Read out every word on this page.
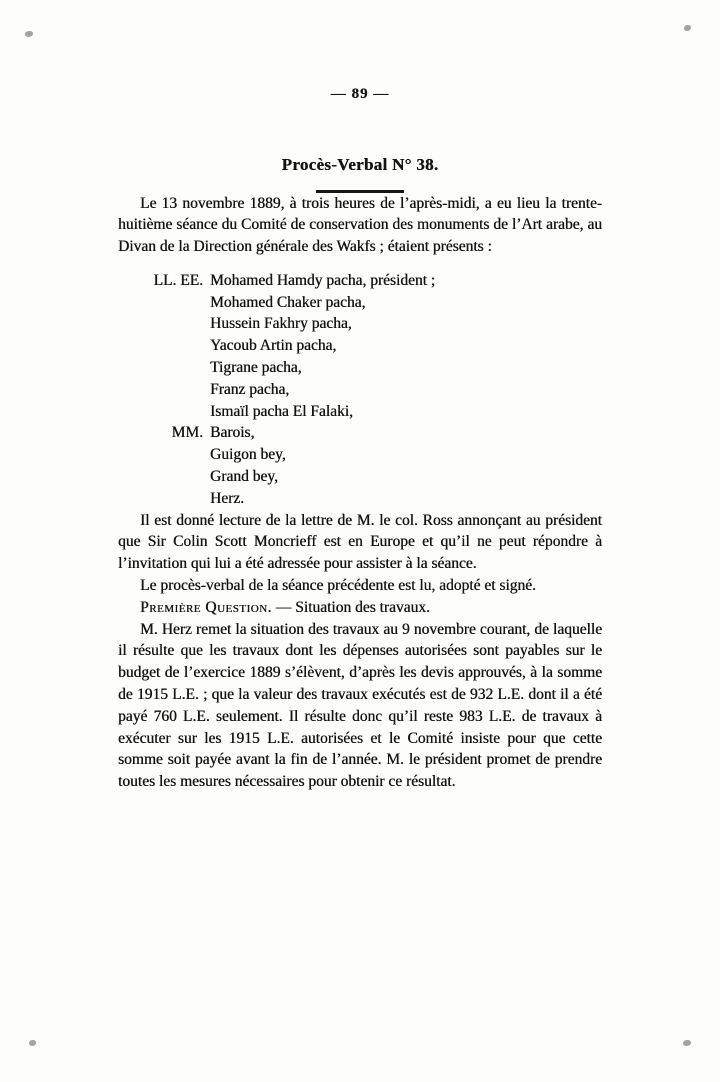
— 89 —
Procès-Verbal N° 38.

Le 13 novembre 1889, à trois heures de l’après-midi, a eu lieu la trente-huitième séance du Comité de conservation des monuments de l’Art arabe, au Divan de la Direction générale des Wakfs ; étaient présents :

LL. EE. Mohamed Hamdy pacha, président ;
Mohamed Chaker pacha,
Hussein Fakhry pacha,
Yacoub Artin pacha,
Tigrane pacha,
Franz pacha,
Ismaïl pacha El Falaki,
MM. Barois,
Guigon bey,
Grand bey,
Herz.

Il est donné lecture de la lettre de M. le col. Ross annonçant au président que Sir Colin Scott Moncrieff est en Europe et qu’il ne peut répondre à l’invitation qui lui a été adressée pour assister à la séance.

Le procès-verbal de la séance précédente est lu, adopté et signé.

Première Question. — Situation des travaux.

M. Herz remet la situation des travaux au 9 novembre courant, de laquelle il résulte que les travaux dont les dépenses autorisées sont payables sur le budget de l’exercice 1889 s’élèvent, d’après les devis approuvés, à la somme de 1915 L.E. ; que la valeur des travaux exécutés est de 932 L.E. dont il a été payé 760 L.E. seulement. Il résulte donc qu’il reste 983 L.E. de travaux à exécuter sur les 1915 L.E. autorisées et le Comité insiste pour que cette somme soit payée avant la fin de l’année. M. le président promet de prendre toutes les mesures nécessaires pour obtenir ce résultat.
